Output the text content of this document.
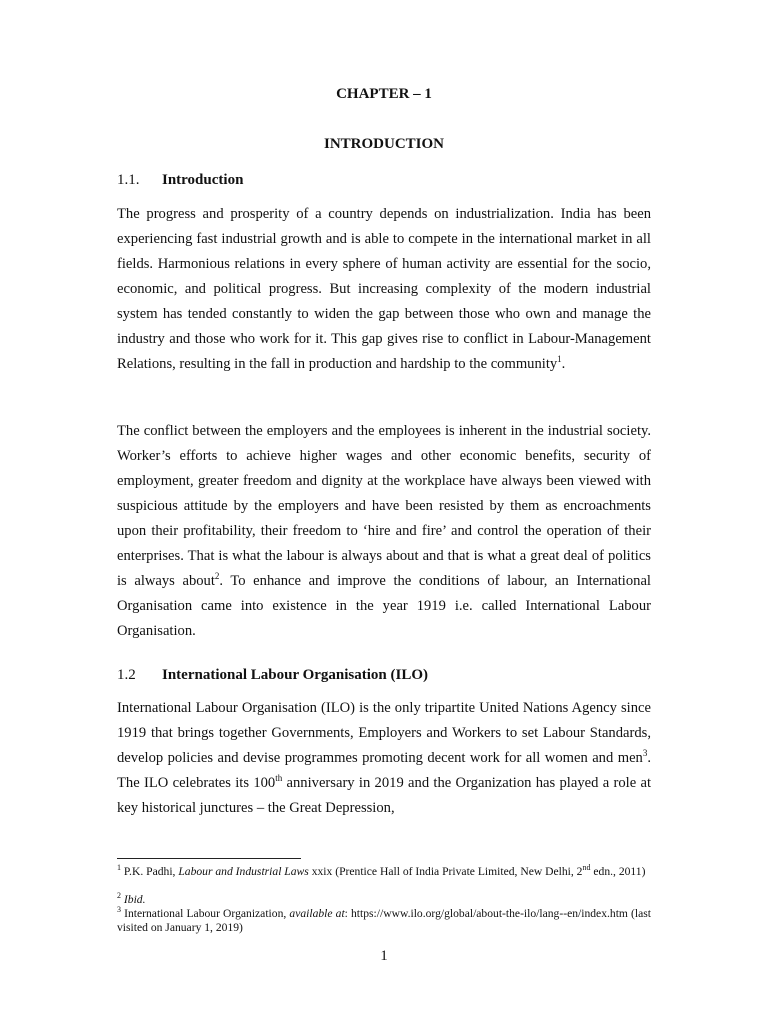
CHAPTER – 1
INTRODUCTION
1.1. Introduction

The progress and prosperity of a country depends on industrialization. India has been experiencing fast industrial growth and is able to compete in the international market in all fields. Harmonious relations in every sphere of human activity are essential for the socio, economic, and political progress. But increasing complexity of the modern industrial system has tended constantly to widen the gap between those who own and manage the industry and those who work for it. This gap gives rise to conflict in Labour-Management Relations, resulting in the fall in production and hardship to the community$^1$.

The conflict between the employers and the employees is inherent in the industrial society. Worker’s efforts to achieve higher wages and other economic benefits, security of employment, greater freedom and dignity at the workplace have always been viewed with suspicious attitude by the employers and have been resisted by them as encroachments upon their profitability, their freedom to ‘hire and fire’ and control the operation of their enterprises. That is what the labour is always about and that is what a great deal of politics is always about$^2$. To enhance and improve the conditions of labour, an International Organisation came into existence in the year 1919 i.e. called International Labour Organisation.

1.2 International Labour Organisation (ILO)

International Labour Organisation (ILO) is the only tripartite United Nations Agency since 1919 that brings together Governments, Employers and Workers to set Labour Standards, develop policies and devise programmes promoting decent work for all women and men$^3$. The ILO celebrates its 100th anniversary in 2019 and the Organization has played a role at key historical junctures – the Great Depression,

$^1$ P.K. Padhi, Labour and Industrial Laws xxix (Prentice Hall of India Private Limited, New Delhi, 2nd edn., 2011)

$^2$ Ibid.

$^3$ International Labour Organization, available at: https://www.ilo.org/global/about-the-ilo/lang--en/index.htm (last visited on January 1, 2019)

1
